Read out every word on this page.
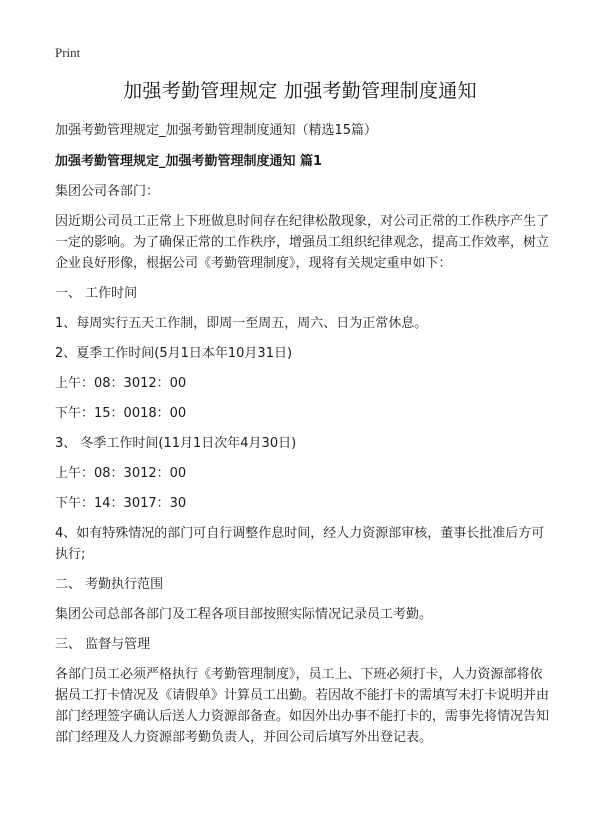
Print
加强考勤管理规定 加强考勤管理制度通知
加强考勤管理规定_加强考勤管理制度通知（精选15篇）
加强考勤管理规定_加强考勤管理制度通知 篇1
集团公司各部门：
因近期公司员工正常上下班做息时间存在纪律松散现象，对公司正常的工作秩序产生了一定的影响。为了确保正常的工作秩序，增强员工组织纪律观念，提高工作效率，树立企业良好形像，根据公司《考勤管理制度》，现将有关规定重申如下：
一、 工作时间
1、每周实行五天工作制，即周一至周五，周六、日为正常休息。
2、夏季工作时间(5月1日本年10月31日)
上午：08：3012：00
下午：15：0018：00
3、 冬季工作时间(11月1日次年4月30日)
上午：08：3012：00
下午：14：3017：30
4、如有特殊情况的部门可自行调整作息时间，经人力资源部审核，董事长批准后方可执行;
二、 考勤执行范围
集团公司总部各部门及工程各项目部按照实际情况记录员工考勤。
三、 监督与管理
各部门员工必须严格执行《考勤管理制度》，员工上、下班必须打卡，人力资源部将依据员工打卡情况及《请假单》计算员工出勤。若因故不能打卡的需填写未打卡说明并由部门经理签字确认后送人力资源部备查。如因外出办事不能打卡的，需事先将情况告知部门经理及人力资源部考勤负责人，并回公司后填写外出登记表。
